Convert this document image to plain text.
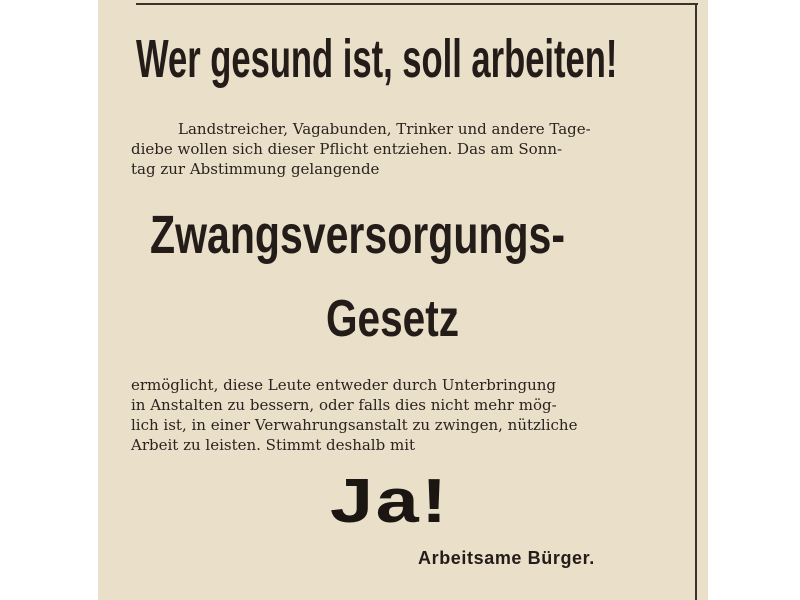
Wer gesund ist, soll arbeiten!

Landstreicher, Vagabunden, Trinker und andere Tage-
diebe wollen sich dieser Pflicht entziehen. Das am Sonn-
tag zur Abstimmung gelangende

Zwangsversorgungs-
Gesetz

ermöglicht, diese Leute entweder durch Unterbringung
in Anstalten zu bessern, oder falls dies nicht mehr mög-
lich ist, in einer Verwahrungsanstalt zu zwingen, nützliche
Arbeit zu leisten. Stimmt deshalb mit

Ja!
Arbeitsame Bürger.
